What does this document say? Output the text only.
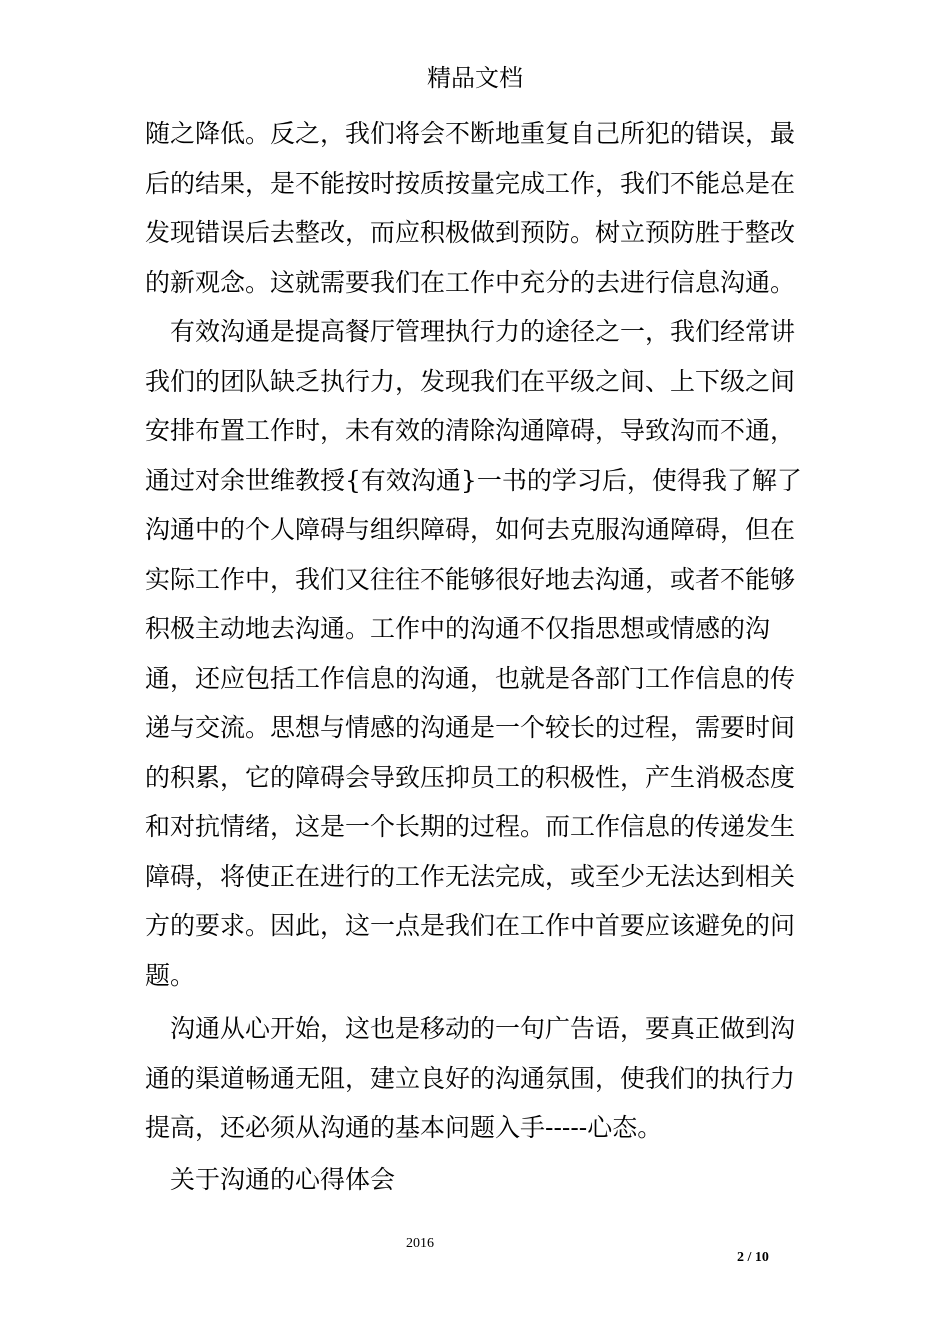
精品文档
随之降低。反之，我们将会不断地重复自己所犯的错误，最
后的结果，是不能按时按质按量完成工作，我们不能总是在
发现错误后去整改，而应积极做到预防。树立预防胜于整改
的新观念。这就需要我们在工作中充分的去进行信息沟通。
有效沟通是提高餐厅管理执行力的途径之一，我们经常讲
我们的团队缺乏执行力，发现我们在平级之间、上下级之间
安排布置工作时，未有效的清除沟通障碍，导致沟而不通，
通过对余世维教授{有效沟通}一书的学习后，使得我了解了
沟通中的个人障碍与组织障碍，如何去克服沟通障碍，但在
实际工作中，我们又往往不能够很好地去沟通，或者不能够
积极主动地去沟通。工作中的沟通不仅指思想或情感的沟
通，还应包括工作信息的沟通，也就是各部门工作信息的传
递与交流。思想与情感的沟通是一个较长的过程，需要时间
的积累，它的障碍会导致压抑员工的积极性，产生消极态度
和对抗情绪，这是一个长期的过程。而工作信息的传递发生
障碍，将使正在进行的工作无法完成，或至少无法达到相关
方的要求。因此，这一点是我们在工作中首要应该避免的问
题。
沟通从心开始，这也是移动的一句广告语，要真正做到沟
通的渠道畅通无阻，建立良好的沟通氛围，使我们的执行力
提高，还必须从沟通的基本问题入手-----心态。
关于沟通的心得体会
2016
2 / 10
